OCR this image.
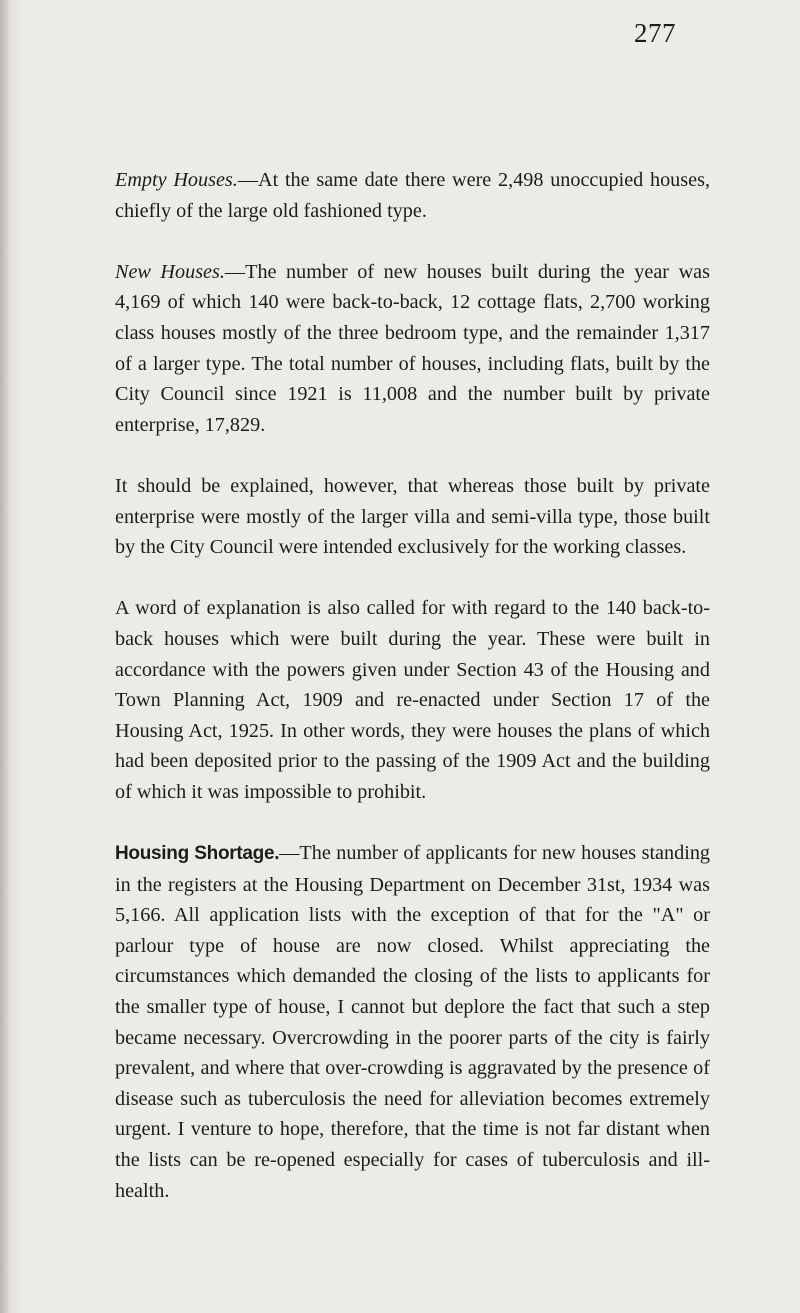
277

Empty Houses.—At the same date there were 2,498 unoccupied houses, chiefly of the large old fashioned type.

New Houses.—The number of new houses built during the year was 4,169 of which 140 were back-to-back, 12 cottage flats, 2,700 working class houses mostly of the three bedroom type, and the remainder 1,317 of a larger type. The total number of houses, including flats, built by the City Council since 1921 is 11,008 and the number built by private enterprise, 17,829.

It should be explained, however, that whereas those built by private enterprise were mostly of the larger villa and semi-villa type, those built by the City Council were intended exclusively for the working classes.

A word of explanation is also called for with regard to the 140 back-to-back houses which were built during the year. These were built in accordance with the powers given under Section 43 of the Housing and Town Planning Act, 1909 and re-enacted under Section 17 of the Housing Act, 1925. In other words, they were houses the plans of which had been deposited prior to the passing of the 1909 Act and the building of which it was impossible to prohibit.

Housing Shortage.—The number of applicants for new houses standing in the registers at the Housing Department on December 31st, 1934 was 5,166. All application lists with the exception of that for the "A" or parlour type of house are now closed. Whilst appreciating the circumstances which demanded the closing of the lists to applicants for the smaller type of house, I cannot but deplore the fact that such a step became necessary. Overcrowding in the poorer parts of the city is fairly prevalent, and where that over-crowding is aggravated by the presence of disease such as tuberculosis the need for alleviation becomes extremely urgent. I venture to hope, therefore, that the time is not far distant when the lists can be re-opened especially for cases of tuberculosis and ill-health.
